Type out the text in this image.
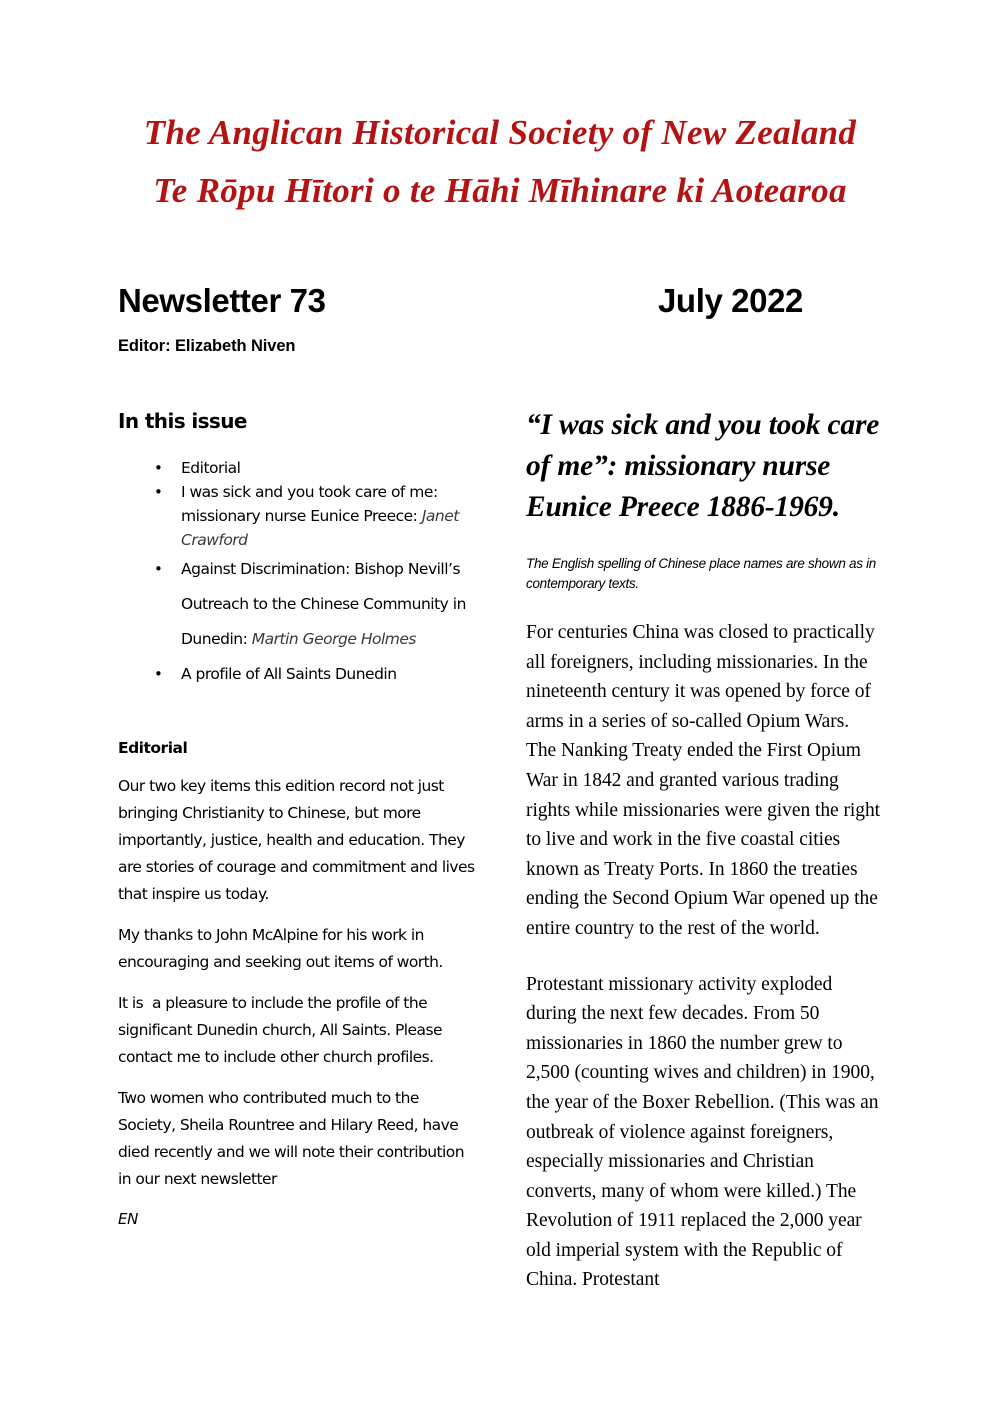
The Anglican Historical Society of New Zealand
Te Rōpu Hītori o te Hāhi Mīhinare ki Aotearoa
Newsletter 73	July 2022
Editor: Elizabeth Niven
In this issue
• Editorial
• I was sick and you took care of me: missionary nurse Eunice Preece: Janet Crawford
• Against Discrimination: Bishop Nevill’s Outreach to the Chinese Community in Dunedin: Martin George Holmes
• A profile of All Saints Dunedin
Editorial

Our two key items this edition record not just bringing Christianity to Chinese, but more importantly, justice, health and education. They are stories of courage and commitment and lives that inspire us today.

My thanks to John McAlpine for his work in encouraging and seeking out items of worth.

It is  a pleasure to include the profile of the significant Dunedin church, All Saints. Please contact me to include other church profiles.

Two women who contributed much to the Society, Sheila Rountree and Hilary Reed, have died recently and we will note their contribution in our next newsletter

EN

“I was sick and you took care of me”: missionary nurse Eunice Preece 1886-1969.

The English spelling of Chinese place names are shown as in contemporary texts.

For centuries China was closed to practically all foreigners, including missionaries. In the nineteenth century it was opened by force of arms in a series of so-called Opium Wars. The Nanking Treaty ended the First Opium War in 1842 and granted various trading rights while missionaries were given the right to live and work in the five coastal cities known as Treaty Ports. In 1860 the treaties ending the Second Opium War opened up the entire country to the rest of the world.

Protestant missionary activity exploded during the next few decades. From 50 missionaries in 1860 the number grew to 2,500 (counting wives and children) in 1900, the year of the Boxer Rebellion. (This was an outbreak of violence against foreigners, especially missionaries and Christian converts, many of whom were killed.) The Revolution of 1911 replaced the 2,000 year old imperial system with the Republic of China. Protestant
